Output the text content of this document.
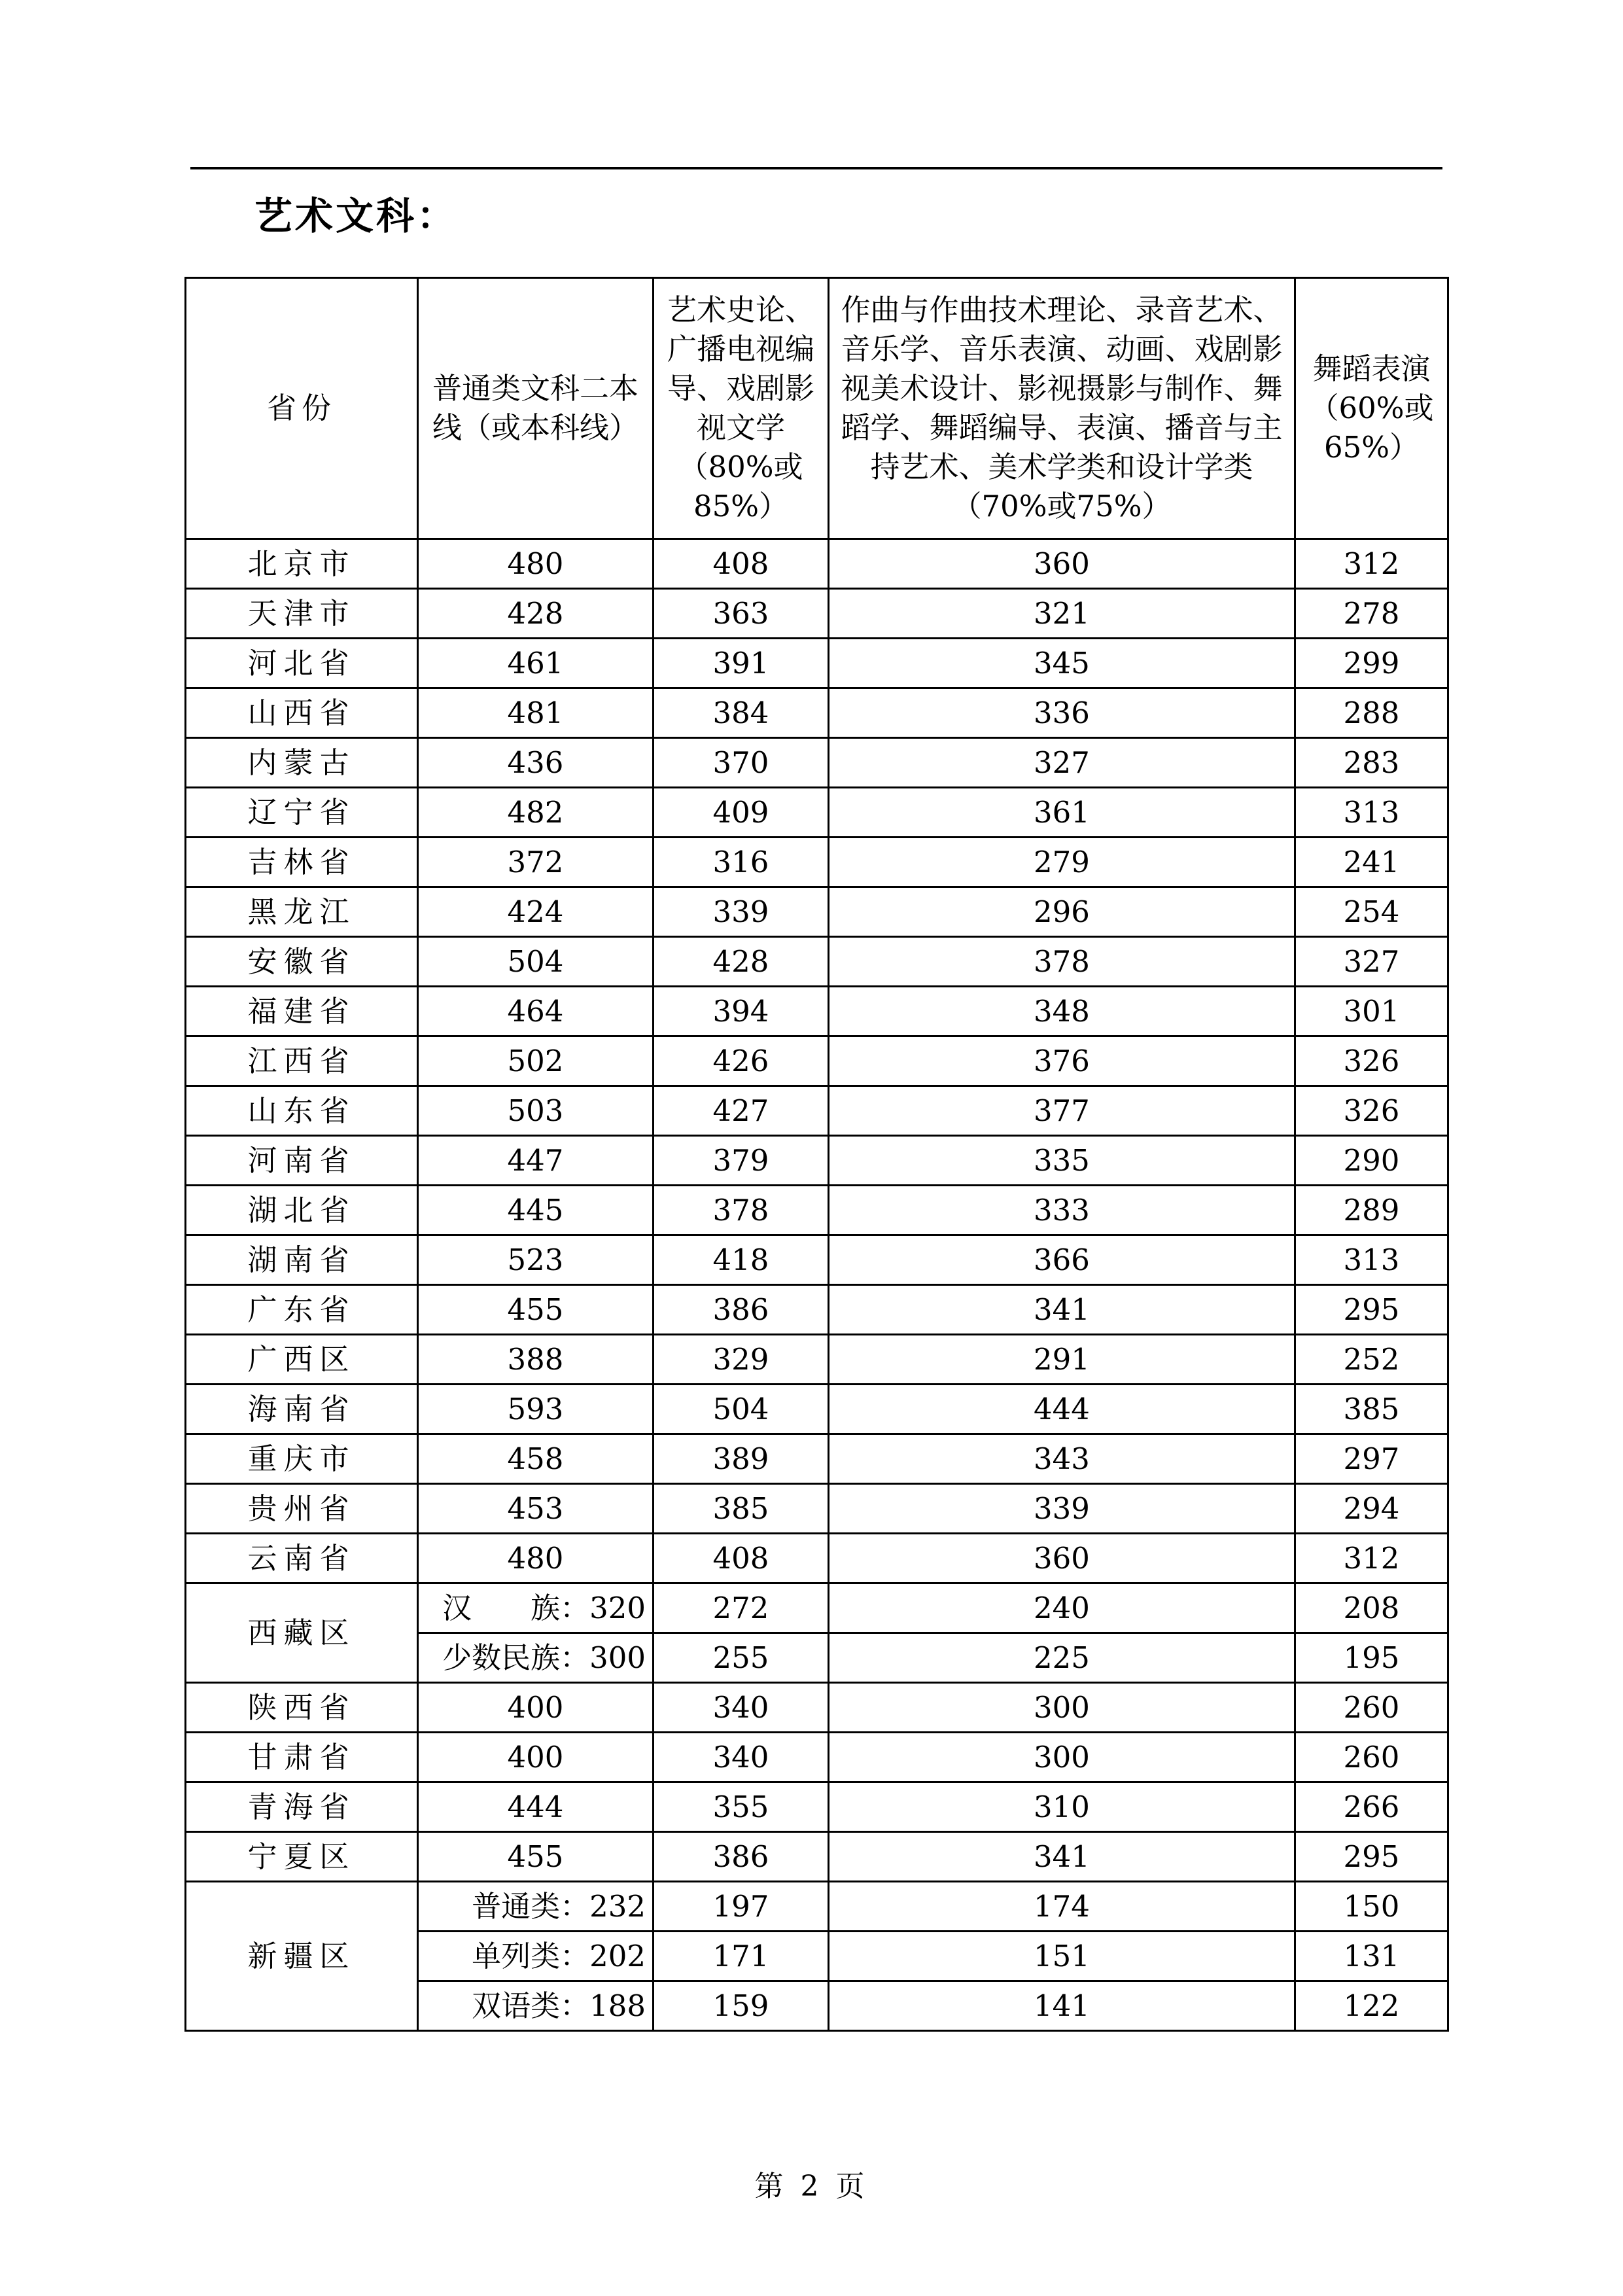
艺术文科：
省份	普通类文科二本线（或本科线）	艺术史论、广播电视编导、戏剧影视文学（80%或85%）	作曲与作曲技术理论、录音艺术、音乐学、音乐表演、动画、戏剧影视美术设计、影视摄影与制作、舞蹈学、舞蹈编导、表演、播音与主持艺术、美术学类和设计学类（70%或75%）	舞蹈表演（60%或65%）
北京市	480	408	360	312
天津市	428	363	321	278
河北省	461	391	345	299
山西省	481	384	336	288
内蒙古	436	370	327	283
辽宁省	482	409	361	313
吉林省	372	316	279	241
黑龙江	424	339	296	254
安徽省	504	428	378	327
福建省	464	394	348	301
江西省	502	426	376	326
山东省	503	427	377	326
河南省	447	379	335	290
湖北省	445	378	333	289
湖南省	523	418	366	313
广东省	455	386	341	295
广西区	388	329	291	252
海南省	593	504	444	385
重庆市	458	389	343	297
贵州省	453	385	339	294
云南省	480	408	360	312
西藏区	汉　　族：320	272	240	208
	少数民族：300	255	225	195
陕西省	400	340	300	260
甘肃省	400	340	300	260
青海省	444	355	310	266
宁夏区	455	386	341	295
新疆区	普通类：232	197	174	150
	单列类：202	171	151	131
	双语类：188	159	141	122
第 2 页
